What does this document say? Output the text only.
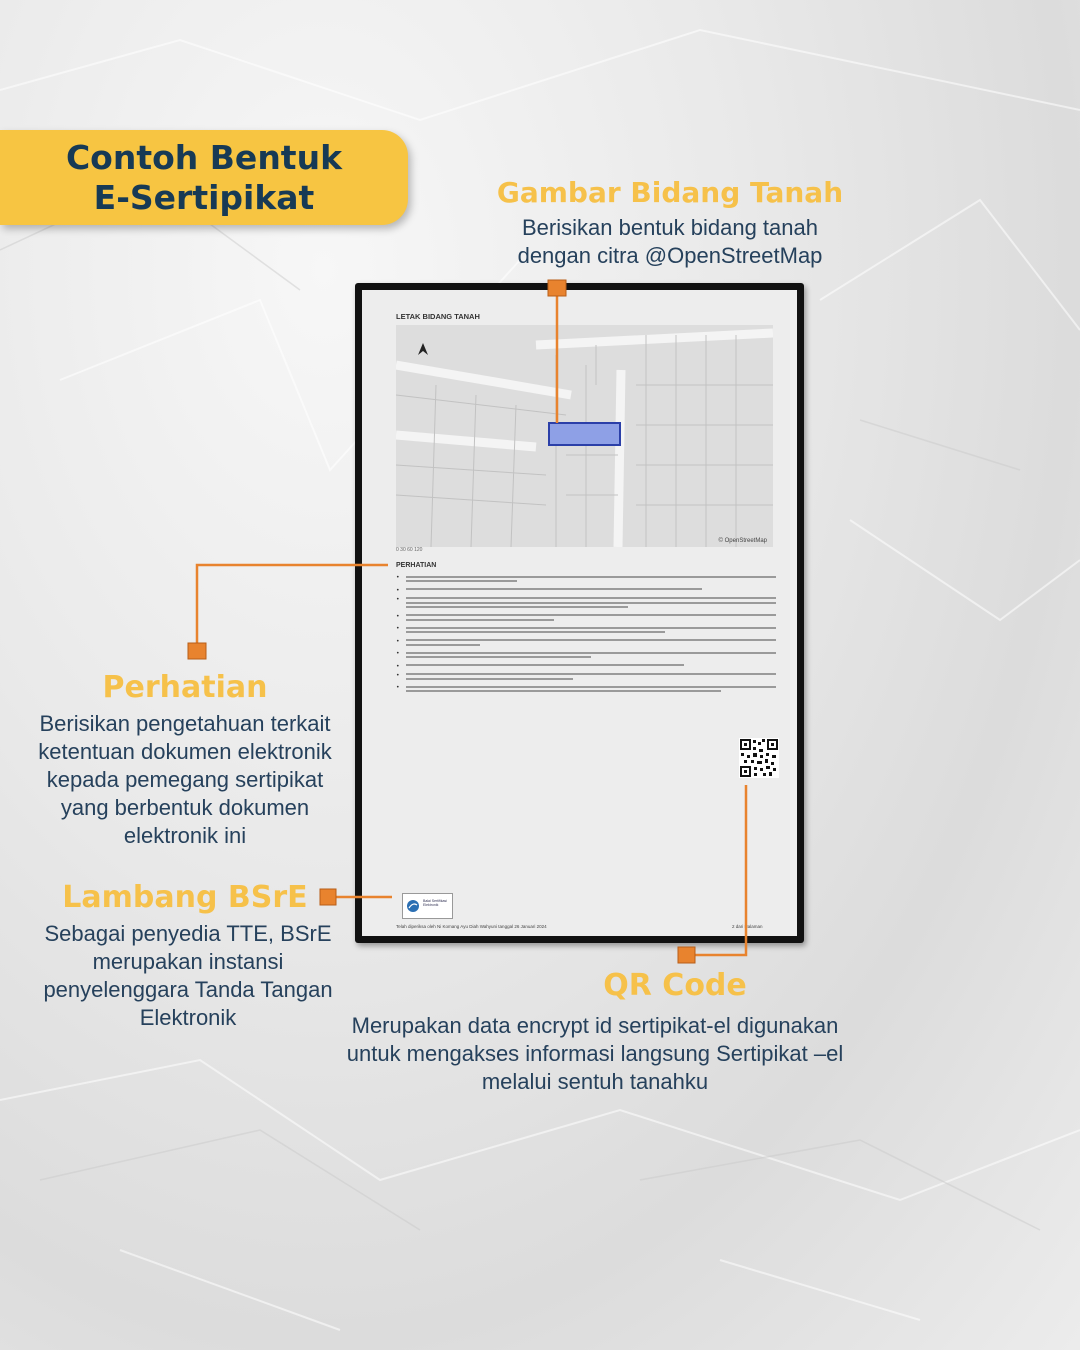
Contoh Bentuk
E-Sertipikat	Gambar Bidang Tanah
Berisikan bentuk bidang tanah
dengan citra @OpenStreetMap
Perhatian
Berisikan pengetahuan terkait
ketentuan dokumen elektronik
kepada pemegang sertipikat
yang berbentuk dokumen
elektronik ini
Lambang BSrE
Sebagai penyedia TTE, BSrE
merupakan instansi
penyelenggara Tanda Tangan
Elektronik
QR Code
Merupakan data encrypt id sertipikat-el digunakan
untuk mengakses informasi langsung Sertipikat –el
melalui sentuh tanahku
LETAK BIDANG TANAH
© OpenStreetMap
0 30 60 120
PERHATIAN
•
•
•
•
•
•
•
•
•
•
Balai Sertifikasi Elektronik
Telah diperiksa oleh Ni Komang Ayu Diah Wahyuni tanggal 26 Januari 2024	2 dari Halaman
